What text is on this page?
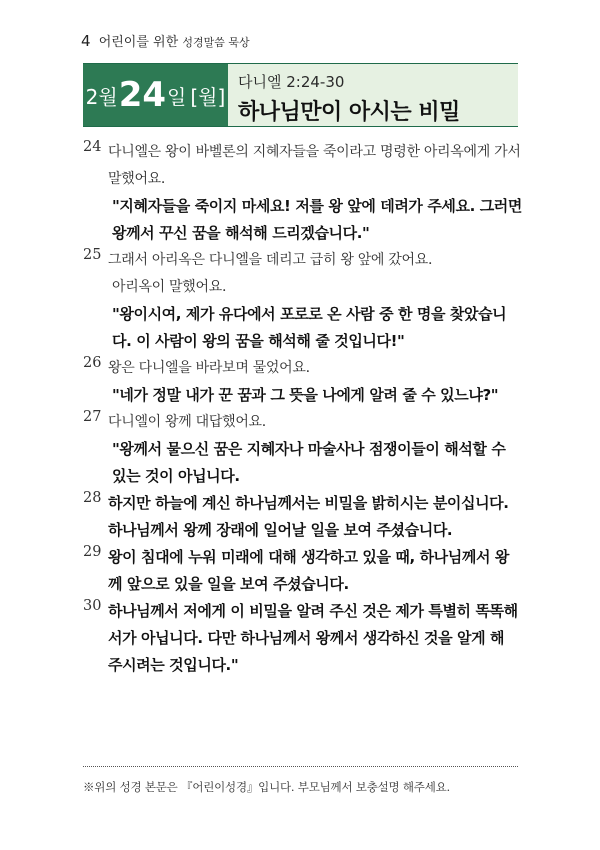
4 어린이를 위한 성경말씀 묵상
2월 24 일 [월]
다니엘 2:24-30
하나님만이 아시는 비밀
24 다니엘은 왕이 바벨론의 지혜자들을 죽이라고 명령한 아리옥에게 가서 말했어요.
"지혜자들을 죽이지 마세요! 저를 왕 앞에 데려가 주세요. 그러면 왕께서 꾸신 꿈을 해석해 드리겠습니다."
25 그래서 아리옥은 다니엘을 데리고 급히 왕 앞에 갔어요.
아리옥이 말했어요.
"왕이시여, 제가 유다에서 포로로 온 사람 중 한 명을 찾았습니다. 이 사람이 왕의 꿈을 해석해 줄 것입니다!"
26 왕은 다니엘을 바라보며 물었어요.
"네가 정말 내가 꾼 꿈과 그 뜻을 나에게 알려 줄 수 있느냐?"
27 다니엘이 왕께 대답했어요.
"왕께서 물으신 꿈은 지혜자나 마술사나 점쟁이들이 해석할 수 있는 것이 아닙니다.
28 하지만 하늘에 계신 하나님께서는 비밀을 밝히시는 분이십니다. 하나님께서 왕께 장래에 일어날 일을 보여 주셨습니다.
29 왕이 침대에 누워 미래에 대해 생각하고 있을 때, 하나님께서 왕께 앞으로 있을 일을 보여 주셨습니다.
30 하나님께서 저에게 이 비밀을 알려 주신 것은 제가 특별히 똑똑해서가 아닙니다. 다만 하나님께서 왕께서 생각하신 것을 알게 해 주시려는 것입니다."
※위의 성경 본문은 『어린이성경』입니다. 부모님께서 보충설명 해주세요.
